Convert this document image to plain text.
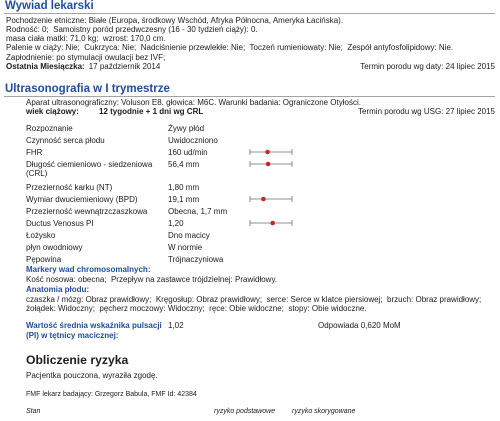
Wywiad lekarski
Pochodzenie etniczne: Białe (Europa, środkowy Wschód, Afryka Północna, Ameryka Łacińska).
Rodność: 0;  Samoistny poród przedwczesny (16 - 30 tydzień ciąży): 0.
masa ciała matki: 71,0 kg;  wzrost: 170,0 cm.
Palenie w ciąży: Nie;  Cukrzyca: Nie;  Nadciśnienie przewlekłe: Nie;  Toczeń rumieniowaty: Nie;  Zespół antyfosfolipidowy: Nie.
Zapłodnienie: po stymulacji owulacji bez IVF;
Ostatnia Miesiączka: 17 październik 2014	Termin porodu wg daty: 24 lipiec 2015
Ultrasonografia w I trymestrze
Aparat ultrasonograficzny: Voluson E8. głowica: M6C. Warunki badania: Ograniczone Otyłości.
wiek ciążowy:	12 tygodnie + 1 dni wg CRL	Termin porodu wg USG: 27 lipiec 2015
Rozpoznanie	Żywy płód
Czynność serca płodu	Uwidoczniono
FHR	160 ud/min
Długość ciemieniowo - siedzeniowa (CRL)
56,4 mm
Przezierność karku (NT)	1,80 mm
Wymiar dwuciemieniowy (BPD)	19,1 mm
Przezierność wewnątrzczaszkowa	Obecna, 1,7 mm
Ductus Venosus PI	1,20
Łożysko	Dno macicy
płyn owodniowy	W normie
Pępowina	Trójnaczyniowa
Markery wad chromosomalnych:
Kość nosowa: obecna;  Przepływ na zastawce trójdzielnej: Prawidłowy.
Anatomia płodu:
czaszka / mózg: Obraz prawidłowy;  Kręgosłup: Obraz prawidłowy;  serce: Serce w klatce piersiowej;  brzuch: Obraz prawidłowy;
żołądek: Widoczny;  pęcherz moczowy: Widoczny;  ręce: Obie widoczne;  stopy: Obie widoczne.
Wartość średnia wskaźnika pulsacji (PI) w tętnicy macicznej:
1,02	Odpowiada 0,620 MoM
Obliczenie ryzyka
Pacjentka pouczona, wyraziła zgodę.
FMF lekarz badający: Grzegorz Babula, FMF Id: 42384
Stan	ryzyko podstawowe ryzyko skorygowane
